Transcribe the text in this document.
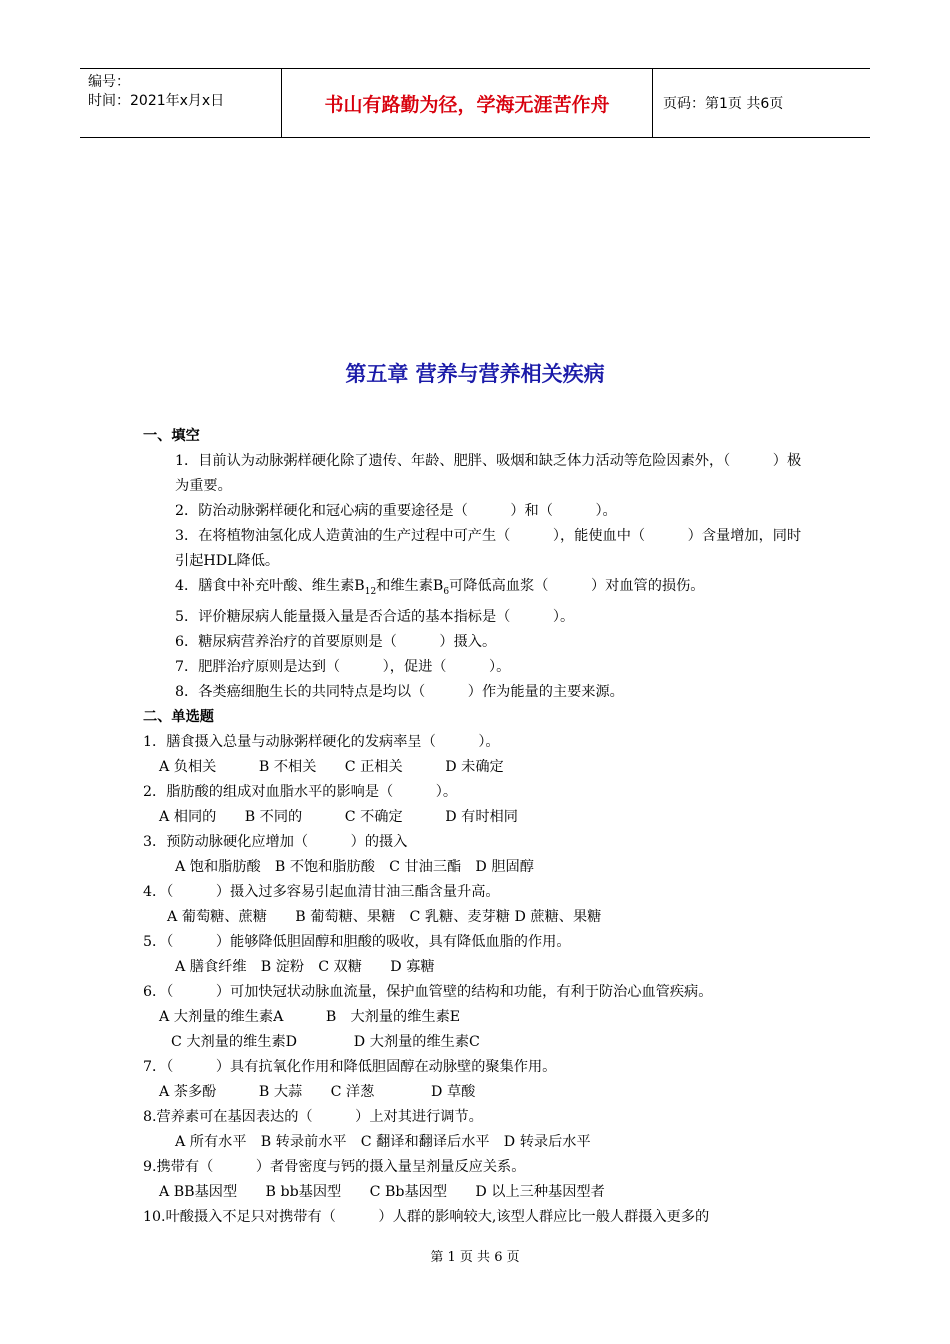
编号：
时间：2021年x月x日	书山有路勤为径，学海无涯苦作舟	页码：第1页 共6页
第五章 营养与营养相关疾病
一、填空
1．目前认为动脉粥样硬化除了遗传、年龄、肥胖、吸烟和缺乏体力活动等危险因素外，（　　　）极为重要。
2．防治动脉粥样硬化和冠心病的重要途径是（　　　）和（　　　）。
3．在将植物油氢化成人造黄油的生产过程中可产生（　　　），能使血中（　　　）含量增加，同时引起HDL降低。
4．膳食中补充叶酸、维生素$B_{12}$和维生素$B_6$可降低高血浆（　　　）对血管的损伤。
5．评价糖尿病人能量摄入量是否合适的基本指标是（　　　）。
6．糖尿病营养治疗的首要原则是（　　　）摄入。
7．肥胖治疗原则是达到（　　　），促进（　　　）。
8．各类癌细胞生长的共同特点是均以（　　　）作为能量的主要来源。
二、单选题
1．膳食摄入总量与动脉粥样硬化的发病率呈（　　　）。
A 负相关　　　B 不相关　　C 正相关　　　D 未确定
2．脂肪酸的组成对血脂水平的影响是（　　　）。
A 相同的　　B 不同的　　　C 不确定　　　D 有时相同
3．预防动脉硬化应增加（　　　）的摄入
A 饱和脂肪酸　B 不饱和脂肪酸　C 甘油三酯　D 胆固醇
4．（　　　）摄入过多容易引起血清甘油三酯含量升高。
A 葡萄糖、蔗糖　　B 葡萄糖、果糖　C 乳糖、麦芽糖 D 蔗糖、果糖
5．（　　　）能够降低胆固醇和胆酸的吸收，具有降低血脂的作用。
A 膳食纤维　B 淀粉　C 双糖　　D 寡糖
6．（　　　）可加快冠状动脉血流量，保护血管壁的结构和功能，有利于防治心血管疾病。
A 大剂量的维生素A　　　B　大剂量的维生素E
C 大剂量的维生素D　　　　D 大剂量的维生素C
7．（　　　）具有抗氧化作用和降低胆固醇在动脉壁的聚集作用。
A 茶多酚　　　B 大蒜　　C 洋葱　　　　D 草酸
8.营养素可在基因表达的（　　　）上对其进行调节。
A 所有水平　B 转录前水平　C 翻译和翻译后水平　D 转录后水平
9.携带有（　　　）者骨密度与钙的摄入量呈剂量反应关系。
A BB基因型　　B bb基因型　　C Bb基因型　　D 以上三种基因型者
10.叶酸摄入不足只对携带有（　　　）人群的影响较大,该型人群应比一般人群摄入更多的
第 1 页 共 6 页
